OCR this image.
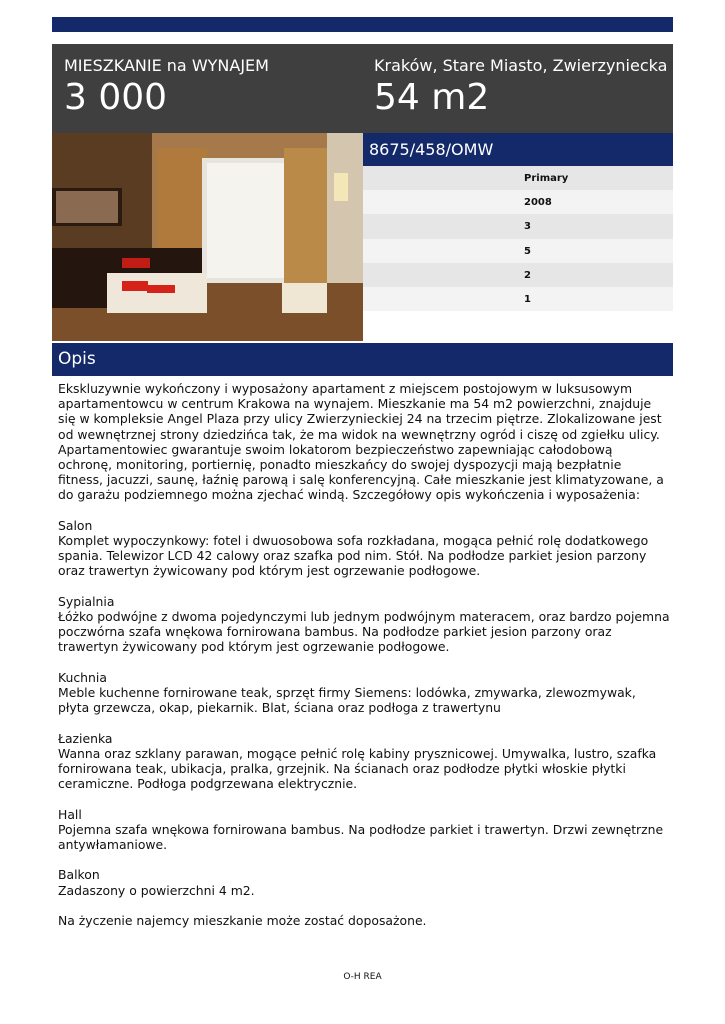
MIESZKANIE na WYNAJEM
3 000
Kraków, Stare Miasto, Zwierzyniecka
54 m2
8675/458/OMW
Primary
2008
3
5
2
1
Opis

Ekskluzywnie wykończony i wyposażony apartament z miejscem postojowym w luksusowym apartamentowcu w centrum Krakowa na wynajem. Mieszkanie ma 54 m2 powierzchni, znajduje się w kompleksie Angel Plaza przy ulicy Zwierzynieckiej 24 na trzecim piętrze. Zlokalizowane jest od wewnętrznej strony dziedzińca tak, że ma widok na wewnętrzny ogród i ciszę od zgiełku ulicy. Apartamentowiec gwarantuje swoim lokatorom bezpieczeństwo zapewniając całodobową ochronę, monitoring, portiernię, ponadto mieszkańcy do swojej dyspozycji mają bezpłatnie fitness, jacuzzi, saunę, łaźnię parową i salę konferencyjną. Całe mieszkanie jest klimatyzowane, a do garażu podziemnego można zjechać windą. Szczegółowy opis wykończenia i wyposażenia:

Salon
Komplet wypoczynkowy: fotel i dwuosobowa sofa rozkładana, mogąca pełnić rolę dodatkowego spania. Telewizor LCD 42 calowy oraz szafka pod nim. Stół. Na podłodze parkiet jesion parzony oraz trawertyn żywicowany pod którym jest ogrzewanie podłogowe.

Sypialnia
Łóżko podwójne z dwoma pojedynczymi lub jednym podwójnym materacem, oraz bardzo pojemna poczwórna szafa wnękowa fornirowana bambus. Na podłodze parkiet jesion parzony oraz trawertyn żywicowany pod którym jest ogrzewanie podłogowe.

Kuchnia
Meble kuchenne fornirowane teak, sprzęt firmy Siemens: lodówka, zmywarka, zlewozmywak, płyta grzewcza, okap, piekarnik. Blat, ściana oraz podłoga z trawertynu

Łazienka
Wanna oraz szklany parawan, mogące pełnić rolę kabiny prysznicowej. Umywalka, lustro, szafka fornirowana teak, ubikacja, pralka, grzejnik. Na ścianach oraz podłodze płytki włoskie płytki ceramiczne. Podłoga podgrzewana elektrycznie.

Hall
Pojemna szafa wnękowa fornirowana bambus. Na podłodze parkiet i trawertyn. Drzwi zewnętrzne antywłamaniowe.

Balkon
Zadaszony o powierzchni 4 m2.

Na życzenie najemcy mieszkanie może zostać doposażone.

O-H REA
